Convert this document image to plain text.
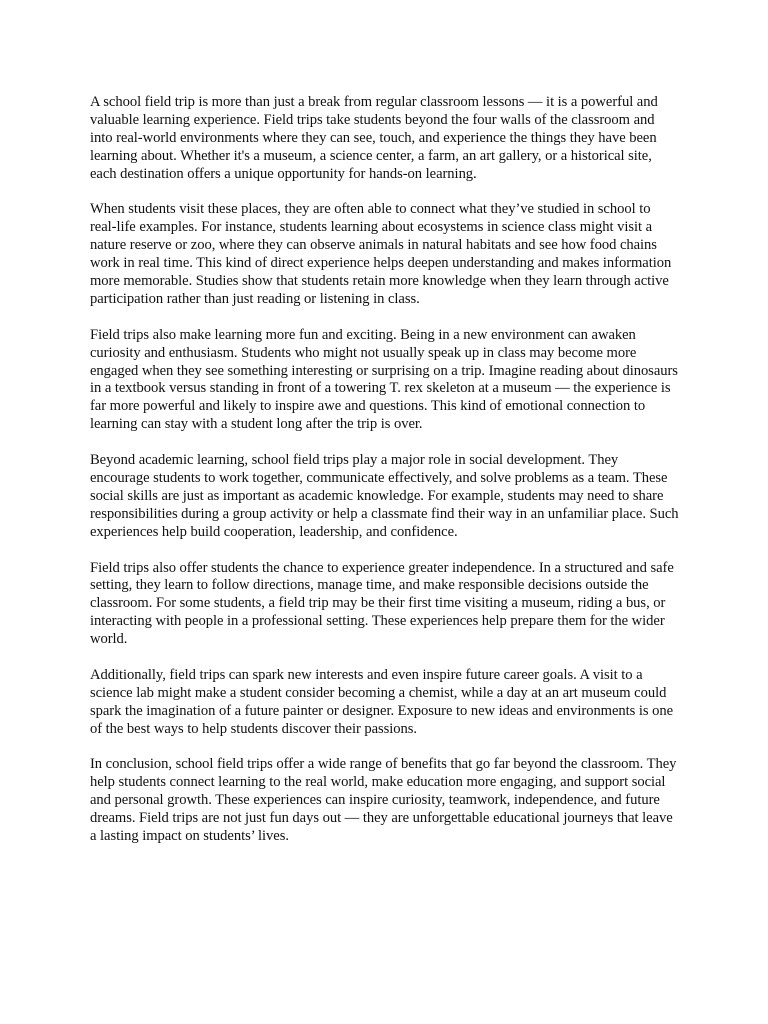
A school field trip is more than just a break from regular classroom lessons — it is a powerful and valuable learning experience. Field trips take students beyond the four walls of the classroom and into real-world environments where they can see, touch, and experience the things they have been learning about. Whether it's a museum, a science center, a farm, an art gallery, or a historical site, each destination offers a unique opportunity for hands-on learning.

When students visit these places, they are often able to connect what they’ve studied in school to real-life examples. For instance, students learning about ecosystems in science class might visit a nature reserve or zoo, where they can observe animals in natural habitats and see how food chains work in real time. This kind of direct experience helps deepen understanding and makes information more memorable. Studies show that students retain more knowledge when they learn through active participation rather than just reading or listening in class.

Field trips also make learning more fun and exciting. Being in a new environment can awaken curiosity and enthusiasm. Students who might not usually speak up in class may become more engaged when they see something interesting or surprising on a trip. Imagine reading about dinosaurs in a textbook versus standing in front of a towering T. rex skeleton at a museum — the experience is far more powerful and likely to inspire awe and questions. This kind of emotional connection to learning can stay with a student long after the trip is over.

Beyond academic learning, school field trips play a major role in social development. They encourage students to work together, communicate effectively, and solve problems as a team. These social skills are just as important as academic knowledge. For example, students may need to share responsibilities during a group activity or help a classmate find their way in an unfamiliar place. Such experiences help build cooperation, leadership, and confidence.

Field trips also offer students the chance to experience greater independence. In a structured and safe setting, they learn to follow directions, manage time, and make responsible decisions outside the classroom. For some students, a field trip may be their first time visiting a museum, riding a bus, or interacting with people in a professional setting. These experiences help prepare them for the wider world.

Additionally, field trips can spark new interests and even inspire future career goals. A visit to a science lab might make a student consider becoming a chemist, while a day at an art museum could spark the imagination of a future painter or designer. Exposure to new ideas and environments is one of the best ways to help students discover their passions.

In conclusion, school field trips offer a wide range of benefits that go far beyond the classroom. They help students connect learning to the real world, make education more engaging, and support social and personal growth. These experiences can inspire curiosity, teamwork, independence, and future dreams. Field trips are not just fun days out — they are unforgettable educational journeys that leave a lasting impact on students’ lives.
